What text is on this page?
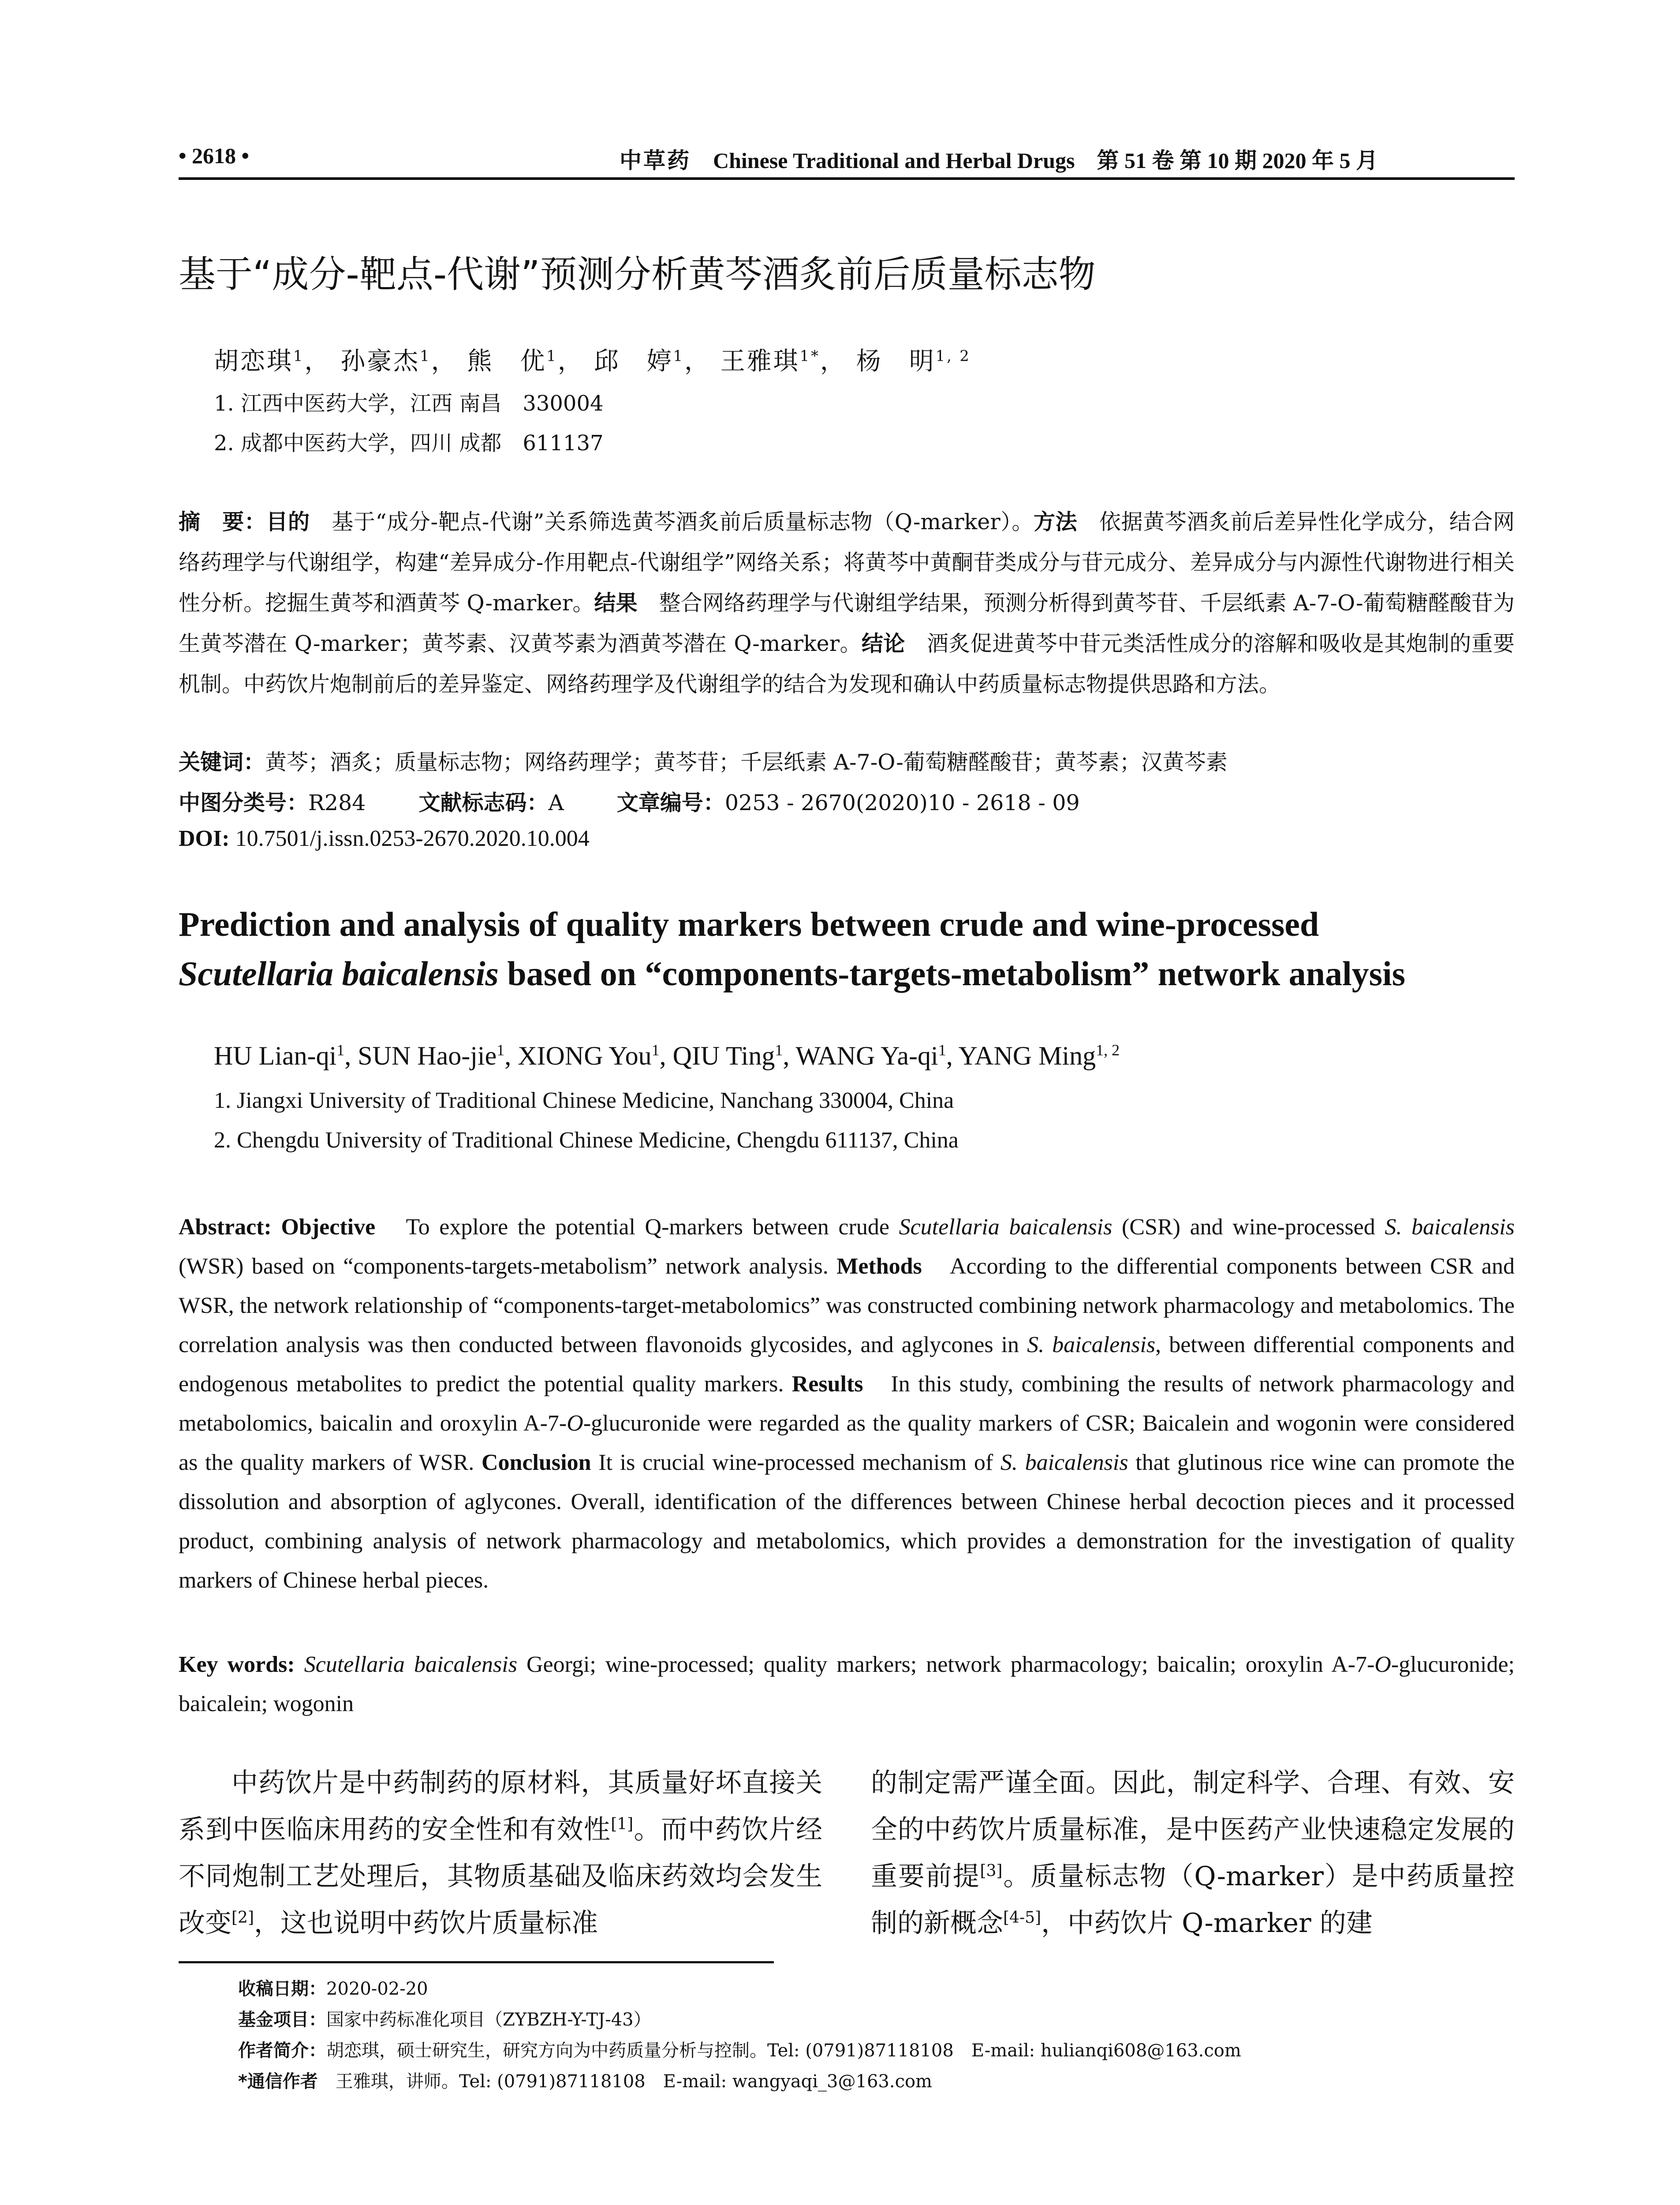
• 2618 •	中草药 Chinese Traditional and Herbal Drugs 第 51 卷 第 10 期 2020 年 5 月
基于“成分-靶点-代谢”预测分析黄芩酒炙前后质量标志物
胡恋琪$^1$， 孙豪杰$^1$， 熊　优$^1$， 邱　婷$^1$， 王雅琪$^{1*}$， 杨　明$^{1, 2}$
1. 江西中医药大学，江西 南昌　330004
2. 成都中医药大学，四川 成都　611137
摘　要：目的　基于“成分-靶点-代谢”关系筛选黄芩酒炙前后质量标志物（Q-marker）。方法　依据黄芩酒炙前后差异性化学成分，结合网络药理学与代谢组学，构建“差异成分-作用靶点-代谢组学”网络关系；将黄芩中黄酮苷类成分与苷元成分、差异成分与内源性代谢物进行相关性分析。挖掘生黄芩和酒黄芩 Q-marker。结果　整合网络药理学与代谢组学结果，预测分析得到黄芩苷、千层纸素 A-7-O-葡萄糖醛酸苷为生黄芩潜在 Q-marker；黄芩素、汉黄芩素为酒黄芩潜在 Q-marker。结论　酒炙促进黄芩中苷元类活性成分的溶解和吸收是其炮制的重要机制。中药饮片炮制前后的差异鉴定、网络药理学及代谢组学的结合为发现和确认中药质量标志物提供思路和方法。
关键词：黄芩；酒炙；质量标志物；网络药理学；黄芩苷；千层纸素 A-7-O-葡萄糖醛酸苷；黄芩素；汉黄芩素
中图分类号：R284 文献标志码：A 文章编号：0253 - 2670(2020)10 - 2618 - 09
DOI: 10.7501/j.issn.0253-2670.2020.10.004
Prediction and analysis of quality markers between crude and wine-processed
Scutellaria baicalensis based on “components-targets-metabolism” network analysis
HU Lian-$qi^1$, SUN Hao-jie$^1$, XIONG You$^1$, QIU Ting$^1$, WANG $Ya-qi^1$, YANG Ming$^{1, 2}$
1. Jiangxi University of Traditional Chinese Medicine, Nanchang 330004, China
2. Chengdu University of Traditional Chinese Medicine, Chengdu 611137, China
Abstract: Objective　To explore the potential Q-markers between crude Scutellaria baicalensis (CSR) and wine-processed S. baicalensis (WSR) based on “components-targets-metabolism” network analysis. Methods　According to the differential components between CSR and WSR, the network relationship of “components-target-metabolomics” was constructed combining network pharmacology and metabolomics. The correlation analysis was then conducted between flavonoids glycosides, and aglycones in S. baicalensis, between differential components and endogenous metabolites to predict the potential quality markers. Results　In this study, combining the results of network pharmacology and metabolomics, baicalin and oroxylin A-7-O-glucuronide were regarded as the quality markers of CSR; Baicalein and wogonin were considered as the quality markers of WSR. Conclusion It is crucial wine-processed mechanism of S. baicalensis that glutinous rice wine can promote the dissolution and absorption of aglycones. Overall, identification of the differences between Chinese herbal decoction pieces and it processed product, combining analysis of network pharmacology and metabolomics, which provides a demonstration for the investigation of quality markers of Chinese herbal pieces.
Key words: Scutellaria baicalensis Georgi; wine-processed; quality markers; network pharmacology; baicalin; oroxylin A-7-O-glucuronide; baicalein; wogonin
中药饮片是中药制药的原材料，其质量好坏直接关系到中医临床用药的安全性和有效性[1]。而中药饮片经不同炮制工艺处理后，其物质基础及临床药效均会发生改变[2]，这也说明中药饮片质量标准
的制定需严谨全面。因此，制定科学、合理、有效、安全的中药饮片质量标准，是中医药产业快速稳定发展的重要前提[3]。质量标志物（Q-marker）是中药质量控制的新概念[4-5]，中药饮片 Q-marker 的建
收稿日期：2020-02-20
基金项目：国家中药标准化项目（ZYBZH-Y-TJ-43）
作者简介：胡恋琪，硕士研究生，研究方向为中药质量分析与控制。Tel: (0791)87118108　E-mail: hulianqi608@163.com
*通信作者　王雅琪，讲师。Tel: (0791)87118108　E-mail: wangyaqi_3@163.com
